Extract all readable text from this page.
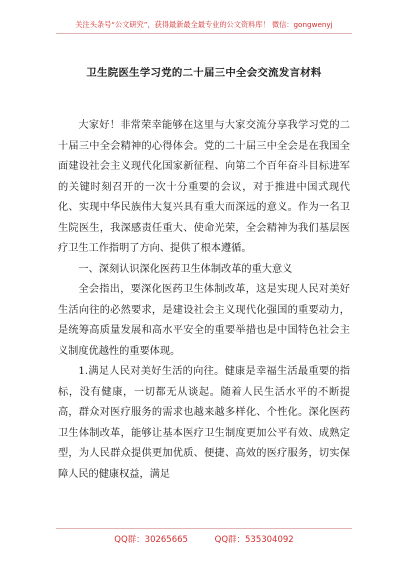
关注头条号“公文研究”，获得最新最全最专业的公文资料库！ 微信：gongwenyj
卫生院医生学习党的二十届三中全会交流发言材料

大家好！非常荣幸能够在这里与大家交流分享我学习党的二十届三中全会精神的心得体会。党的二十届三中全会是在我国全面建设社会主义现代化国家新征程、向第二个百年奋斗目标进军的关键时刻召开的一次十分重要的会议，对于推进中国式现代化、实现中华民族伟大复兴具有重大而深远的意义。作为一名卫生院医生，我深感责任重大、使命光荣，全会精神为我们基层医疗卫生工作指明了方向、提供了根本遵循。

一、深刻认识深化医药卫生体制改革的重大意义

全会指出，要深化医药卫生体制改革，这是实现人民对美好生活向往的必然要求，是建设社会主义现代化强国的重要动力，是统筹高质量发展和高水平安全的重要举措也是中国特色社会主义制度优越性的重要体现。

1.满足人民对美好生活的向往。健康是幸福生活最重要的指标，没有健康，一切都无从谈起。随着人民生活水平的不断提高，群众对医疗服务的需求也越来越多样化、个性化。深化医药卫生体制改革，能够让基本医疗卫生制度更加公平有效、成熟定型，为人民群众提供更加优质、便捷、高效的医疗服务，切实保障人民的健康权益，满足

QQ群：30265665	QQ群：535304092
